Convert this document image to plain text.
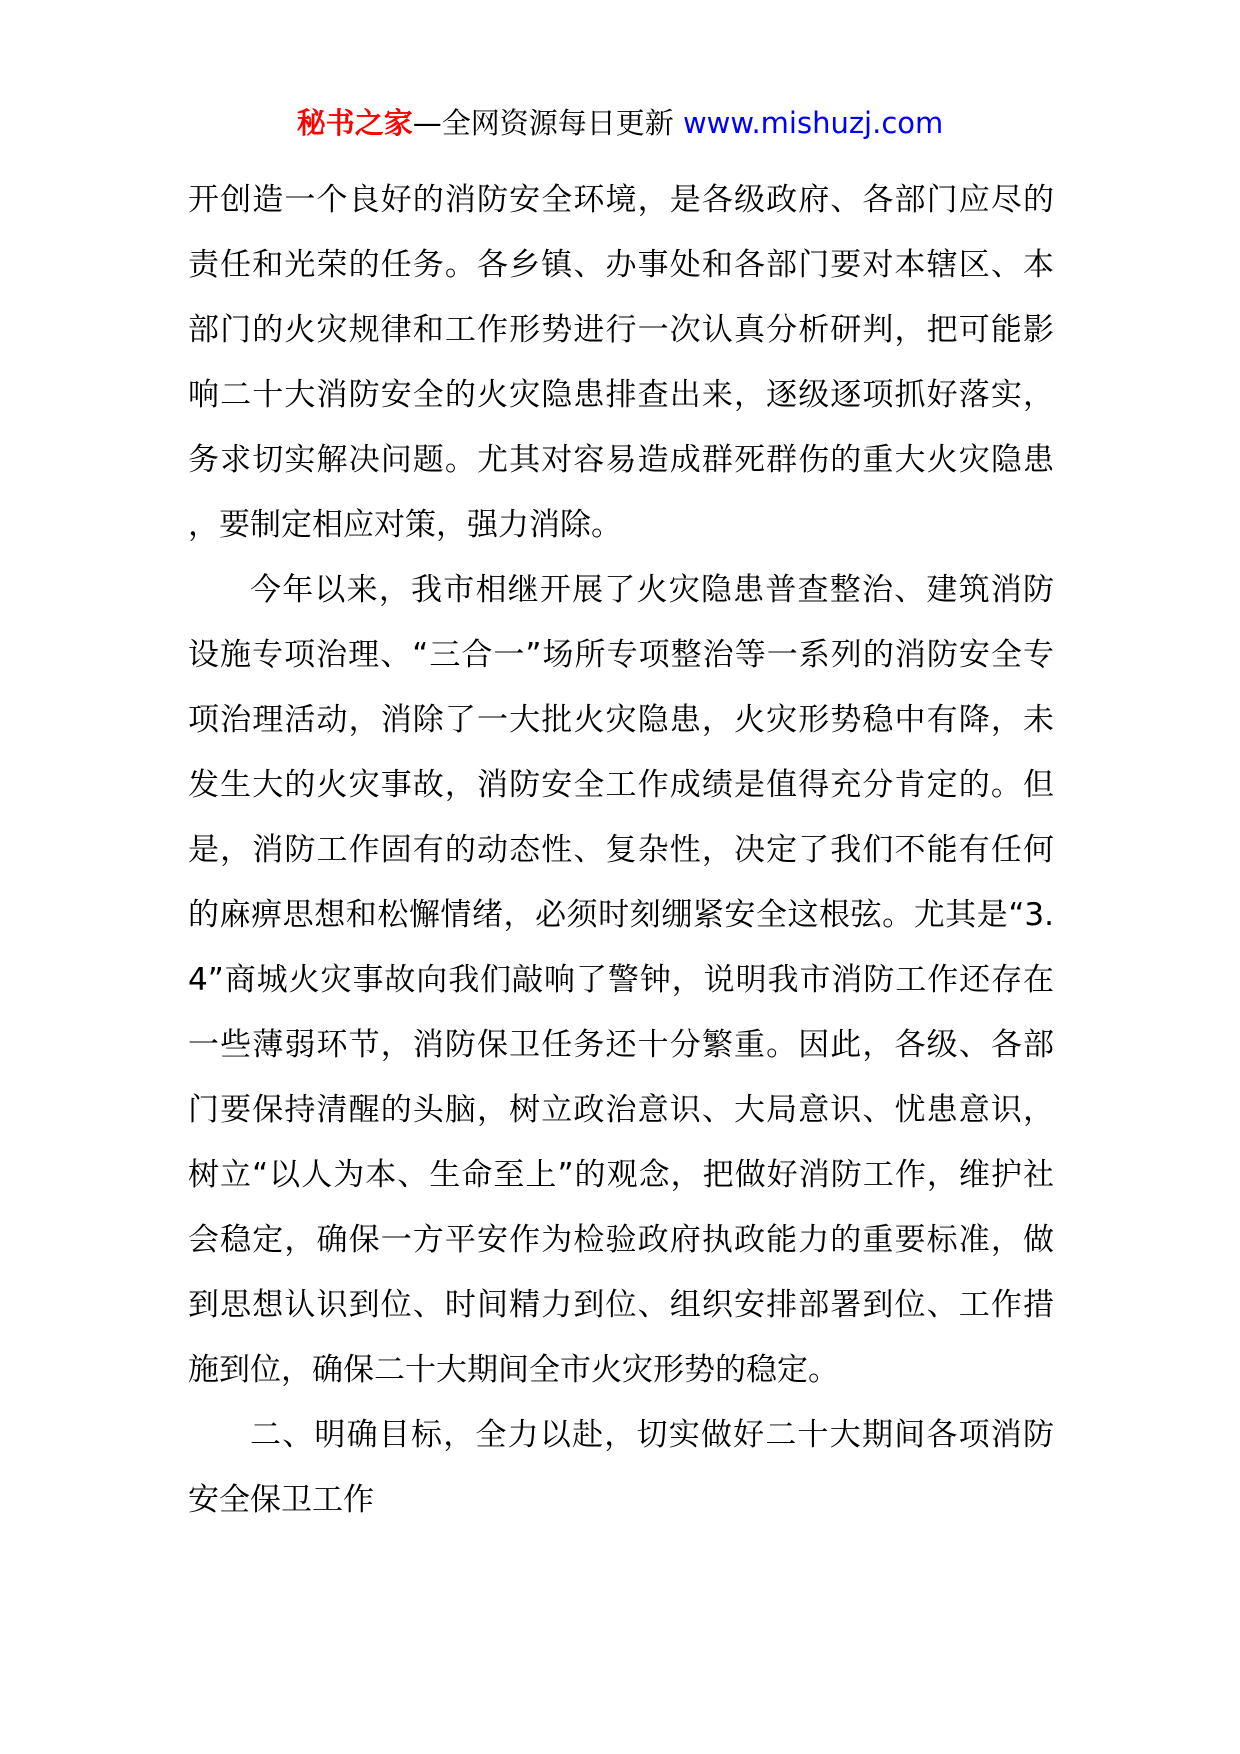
秘书之家—全网资源每日更新 www.mishuzj.com

开创造一个良好的消防安全环境，是各级政府、各部门应尽的责任和光荣的任务。各乡镇、办事处和各部门要对本辖区、本部门的火灾规律和工作形势进行一次认真分析研判，把可能影响二十大消防安全的火灾隐患排查出来，逐级逐项抓好落实，务求切实解决问题。尤其对容易造成群死群伤的重大火灾隐患，要制定相应对策，强力消除。

今年以来，我市相继开展了火灾隐患普查整治、建筑消防设施专项治理、“三合一”场所专项整治等一系列的消防安全专项治理活动，消除了一大批火灾隐患，火灾形势稳中有降，未发生大的火灾事故，消防安全工作成绩是值得充分肯定的。但是，消防工作固有的动态性、复杂性，决定了我们不能有任何的麻痹思想和松懈情绪，必须时刻绷紧安全这根弦。尤其是“3.4”商城火灾事故向我们敲响了警钟，说明我市消防工作还存在一些薄弱环节，消防保卫任务还十分繁重。因此，各级、各部门要保持清醒的头脑，树立政治意识、大局意识、忧患意识，树立“以人为本、生命至上”的观念，把做好消防工作，维护社会稳定，确保一方平安作为检验政府执政能力的重要标准，做到思想认识到位、时间精力到位、组织安排部署到位、工作措施到位，确保二十大期间全市火灾形势的稳定。

二、明确目标，全力以赴，切实做好二十大期间各项消防安全保卫工作
